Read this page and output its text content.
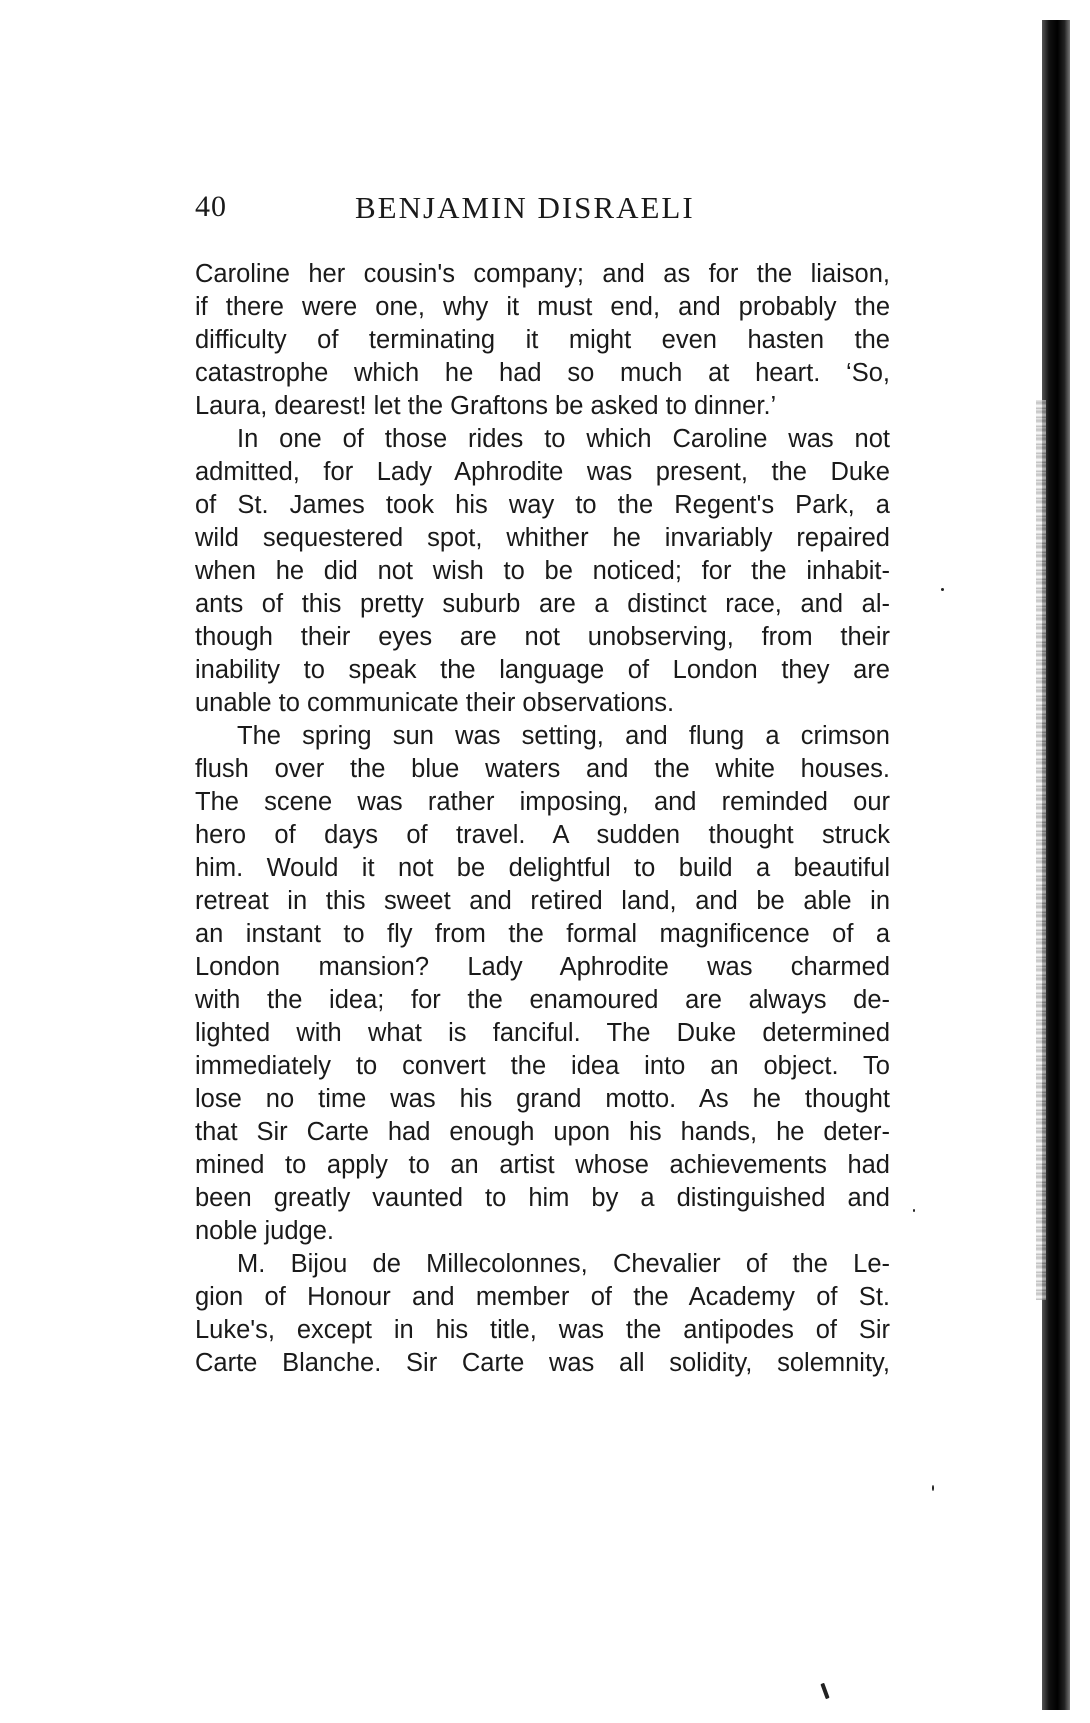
40	BENJAMIN DISRAELI
Caroline her cousin's company; and as for the liaison,
if there were one, why it must end, and probably the
difficulty of terminating it might even hasten the
catastrophe which he had so much at heart. ‘So,
Laura, dearest! let the Graftons be asked to dinner.’
In one of those rides to which Caroline was not
admitted, for Lady Aphrodite was present, the Duke
of St. James took his way to the Regent's Park, a
wild sequestered spot, whither he invariably repaired
when he did not wish to be noticed; for the inhabit-
ants of this pretty suburb are a distinct race, and al-
though their eyes are not unobserving, from their
inability to speak the language of London they are
unable to communicate their observations.
The spring sun was setting, and flung a crimson
flush over the blue waters and the white houses.
The scene was rather imposing, and reminded our
hero of days of travel. A sudden thought struck
him. Would it not be delightful to build a beautiful
retreat in this sweet and retired land, and be able in
an instant to fly from the formal magnificence of a
London mansion? Lady Aphrodite was charmed
with the idea; for the enamoured are always de-
lighted with what is fanciful. The Duke determined
immediately to convert the idea into an object. To
lose no time was his grand motto. As he thought
that Sir Carte had enough upon his hands, he deter-
mined to apply to an artist whose achievements had
been greatly vaunted to him by a distinguished and
noble judge.
M. Bijou de Millecolonnes, Chevalier of the Le-
gion of Honour and member of the Academy of St.
Luke's, except in his title, was the antipodes of Sir
Carte Blanche. Sir Carte was all solidity, solemnity,
